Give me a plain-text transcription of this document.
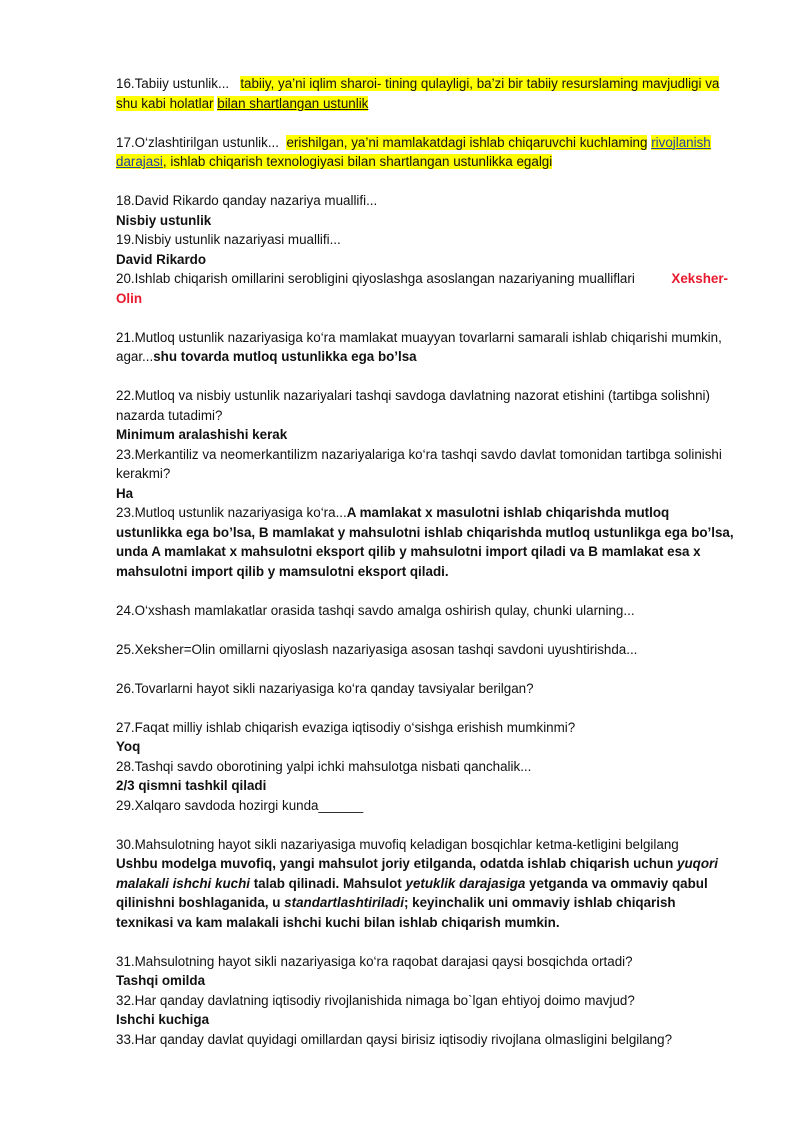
16.Tabiiy ustunlik... tabiiy, ya’ni iqlim sharoi- tining qulayligi, ba’zi bir tabiiy resurslaming mavjudligi va shu kabi holatlar bilan shartlangan ustunlik

17.O‘zlashtirilgan ustunlik... erishilgan, ya’ni mamlakatdagi ishlab chiqaruvchi kuchlaming rivojlanish darajasi, ishlab chiqarish texnologiyasi bilan shartlangan ustunlikka egalgi

18.David Rikardo qanday nazariya muallifi...

Nisbiy ustunlik

19.Nisbiy ustunlik nazariyasi muallifi...

David Rikardo

20.Ishlab chiqarish omillarini serobligini qiyoslashga asoslangan nazariyaning mualliflari	Xeksher-

Olin

21.Mutloq ustunlik nazariyasiga ko‘ra mamlakat muayyan tovarlarni samarali ishlab chiqarishi mumkin, agar...shu tovarda mutloq ustunlikka ega bo’lsa

22.Mutloq va nisbiy ustunlik nazariyalari tashqi savdoga davlatning nazorat etishini (tartibga solishni) nazarda tutadimi?

Minimum aralashishi kerak

23.Merkantiliz va neomerkantilizm nazariyalariga ko‘ra tashqi savdo davlat tomonidan tartibga solinishi kerakmi?

Ha

23.Mutloq ustunlik nazariyasiga ko‘ra...A mamlakat x masulotni ishlab chiqarishda mutloq ustunlikka ega bo’lsa, B mamlakat y mahsulotni ishlab chiqarishda mutloq ustunlikga ega bo’lsa, unda A mamlakat x mahsulotni eksport qilib y mahsulotni import qiladi va B mamlakat esa x mahsulotni import qilib y mamsulotni eksport qiladi.

24.O‘xshash mamlakatlar orasida tashqi savdo amalga oshirish qulay, chunki ularning...

25.Xeksher=Olin omillarni qiyoslash nazariyasiga asosan tashqi savdoni uyushtirishda...

26.Tovarlarni hayot sikli nazariyasiga ko‘ra qanday tavsiyalar berilgan?

27.Faqat milliy ishlab chiqarish evaziga iqtisodiy o‘sishga erishish mumkinmi?

Yoq

28.Tashqi savdo oborotining yalpi ichki mahsulotga nisbati qanchalik...

2/3 qismni tashkil qiladi

29.Xalqaro savdoda hozirgi kunda______

30.Mahsulotning hayot sikli nazariyasiga muvofiq keladigan bosqichlar ketma-ketligini belgilang

Ushbu modelga muvofiq, yangi mahsulot joriy etilganda, odatda ishlab chiqarish uchun yuqori malakali ishchi kuchi talab qilinadi. Mahsulot yetuklik darajasiga yetganda va ommaviy qabul qilinishni boshlaganida, u standartlashtiriladi; keyinchalik uni ommaviy ishlab chiqarish texnikasi va kam malakali ishchi kuchi bilan ishlab chiqarish mumkin.

31.Mahsulotning hayot sikli nazariyasiga ko‘ra raqobat darajasi qaysi bosqichda ortadi?

Tashqi omilda

32.Har qanday davlatning iqtisodiy rivojlanishida nimaga bo`lgan ehtiyoj doimo mavjud?

Ishchi kuchiga

33.Har qanday davlat quyidagi omillardan qaysi birisiz iqtisodiy rivojlana olmasligini belgilang?
